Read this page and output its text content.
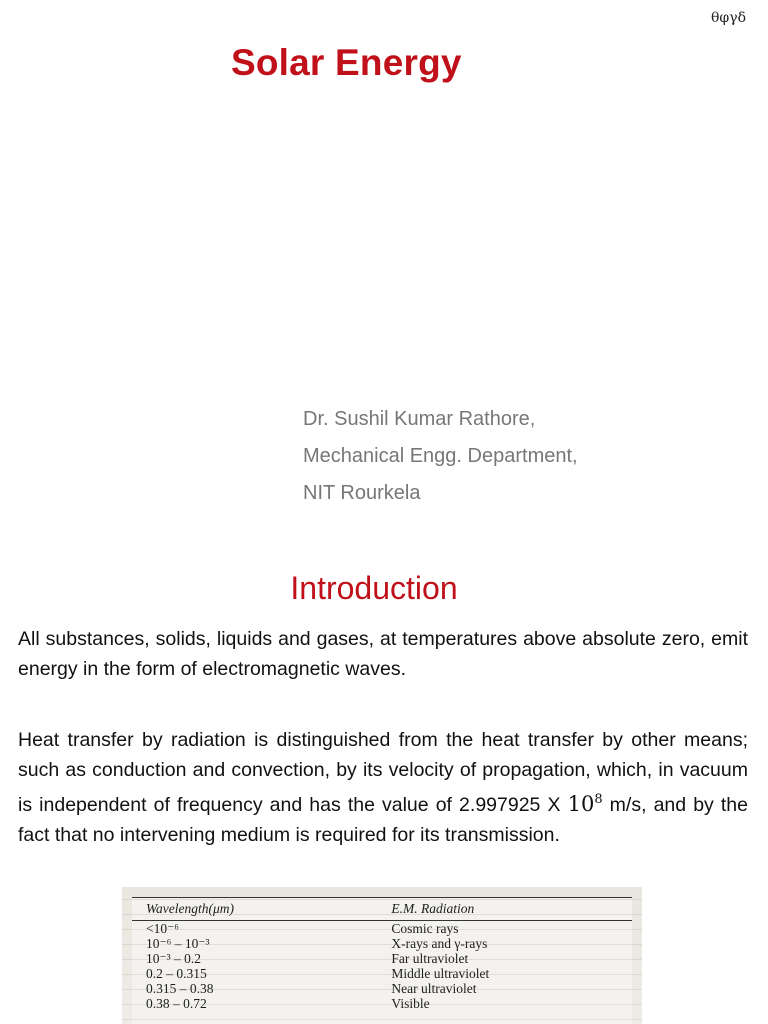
θφγδ
Solar Energy
Dr. Sushil Kumar Rathore,
Mechanical Engg. Department,
NIT Rourkela
Introduction
All substances, solids, liquids and gases, at temperatures above absolute zero, emit energy in the form of electromagnetic waves.
Heat transfer by radiation is distinguished from the heat transfer by other means; such as conduction and convection, by its velocity of propagation, which, in vacuum is independent of frequency and has the value of 2.997925 X $10^8$ m/s, and by the fact that no intervening medium is required for its transmission.
Wavelength(μm)	E.M. Radiation
<10⁻⁶	Cosmic rays
10⁻⁶ – 10⁻³	X-rays and γ-rays
10⁻³ – 0.2	Far ultraviolet
0.2 – 0.315	Middle ultraviolet
0.315 – 0.38	Near ultraviolet
0.38 – 0.72	Visible
